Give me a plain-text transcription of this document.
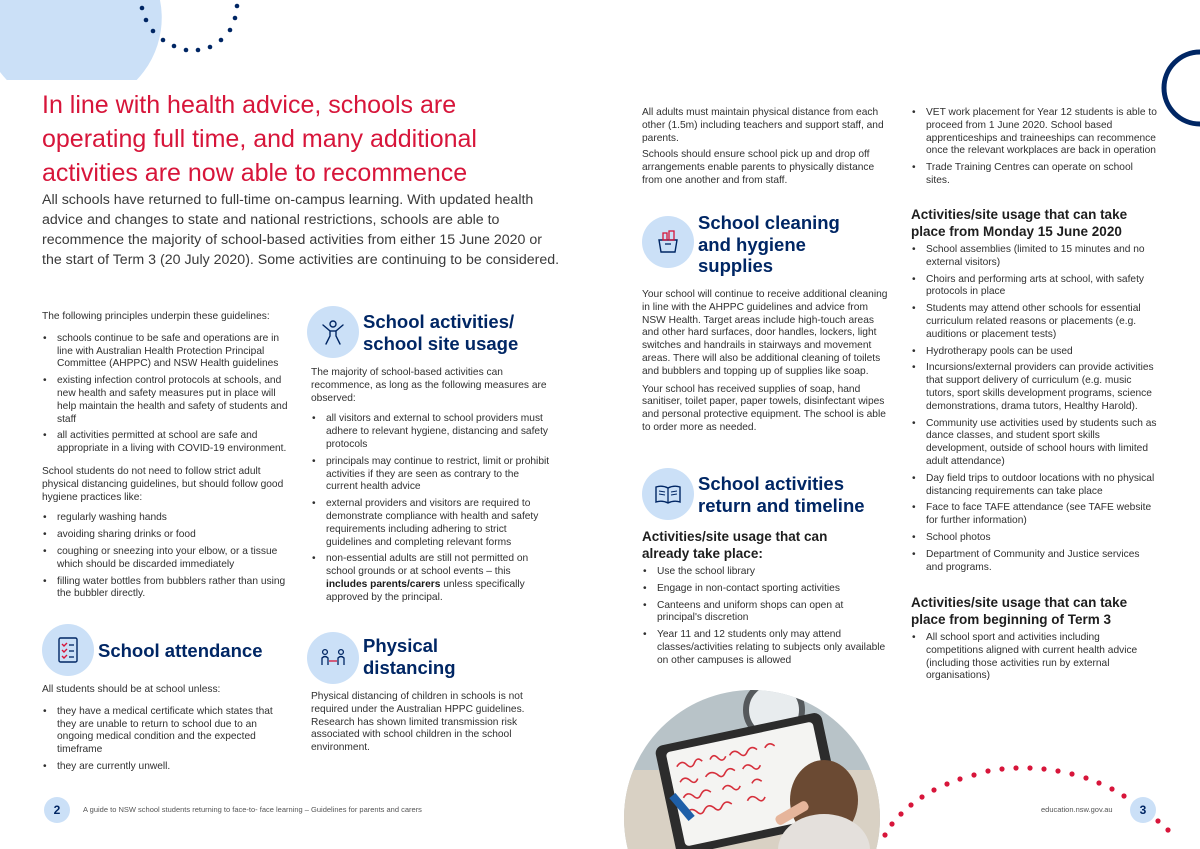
In line with health advice, schools are
operating full time, and many additional
activities are now able to recommence
All schools have returned to full-time on-campus learning. With updated health advice and changes to state and national restrictions, schools are able to recommence the majority of school-based activities from either 15 June 2020 or the start of Term 3 (20 July 2020). Some activities are continuing to be considered.

The following principles underpin these guidelines:

• schools continue to be safe and operations are in line with Australian Health Protection Principal Committee (AHPPC) and NSW Health guidelines
• existing infection control protocols at schools, and new health and safety measures put in place will help maintain the health and safety of students and staff
• all activities permitted at school are safe and appropriate in a living with COVID-19 environment.

School students do not need to follow strict adult physical distancing guidelines, but should follow good hygiene practices like:

• regularly washing hands
• avoiding sharing drinks or food
• coughing or sneezing into your elbow, or a tissue which should be discarded immediately
• filling water bottles from bubblers rather than using the bubbler directly.
School attendance

All students should be at school unless:

• they have a medical certificate which states that they are unable to return to school due to an ongoing medical condition and the expected timeframe
• they are currently unwell.
School activities/
school site usage

The majority of school-based activities can recommence, as long as the following measures are observed:

• all visitors and external to school providers must adhere to relevant hygiene, distancing and safety protocols
• principals may continue to restrict, limit or prohibit activities if they are seen as contrary to the current health advice
• external providers and visitors are required to demonstrate compliance with health and safety requirements including adhering to strict guidelines and completing relevant forms
• non-essential adults are still not permitted on school grounds or at school events – this includes parents/carers unless specifically approved by the principal.
Physical
distancing
Physical distancing of children in schools is not required under the Australian HPPC guidelines. Research has shown limited transmission risk associated with school children in the school environment.

All adults must maintain physical distance from each other (1.5m) including teachers and support staff, and parents.

Schools should ensure school pick up and drop off arrangements enable parents to physically distance from one another and from staff.

School cleaning
and hygiene
supplies

Your school will continue to receive additional cleaning in line with the AHPPC guidelines and advice from NSW Health. Target areas include high-touch areas and other hard surfaces, door handles, lockers, light switches and handrails in stairways and movement areas. There will also be additional cleaning of toilets and bubblers and topping up of supplies like soap.

Your school has received supplies of soap, hand sanitiser, toilet paper, paper towels, disinfectant wipes and personal protective equipment. The school is able to order more as needed.

School activities
return and timeline
Activities/site usage that can
already take place:
• Use the school library
• Engage in non-contact sporting activities
• Canteens and uniform shops can open at principal's discretion
• Year 11 and 12 students only may attend classes/activities relating to subjects only available on other campuses is allowed
• VET work placement for Year 12 students is able to proceed from 1 June 2020. School based apprenticeships and traineeships can recommence once the relevant workplaces are back in operation
• Trade Training Centres can operate on school sites.
Activities/site usage that can take
place from Monday 15 June 2020
• School assemblies (limited to 15 minutes and no external visitors)
• Choirs and performing arts at school, with safety protocols in place
• Students may attend other schools for essential curriculum related reasons or placements (e.g. auditions or placement tests)
• Hydrotherapy pools can be used
• Incursions/external providers can provide activities that support delivery of curriculum (e.g. music tutors, sport skills development programs, science demonstrations, drama tutors, Healthy Harold).
• Community use activities used by students such as dance classes, and student sport skills development, outside of school hours with limited adult attendance)
• Day field trips to outdoor locations with no physical distancing requirements can take place
• Face to face TAFE attendance (see TAFE website for further information)
• School photos
• Department of Community and Justice services and programs.
Activities/site usage that can take
place from beginning of Term 3
• All school sport and activities including competitions aligned with current health advice (including those activities run by external organisations)
2	A guide to NSW school students returning to face-to- face learning – Guidelines for parents and carers	education.nsw.gov.au	3
